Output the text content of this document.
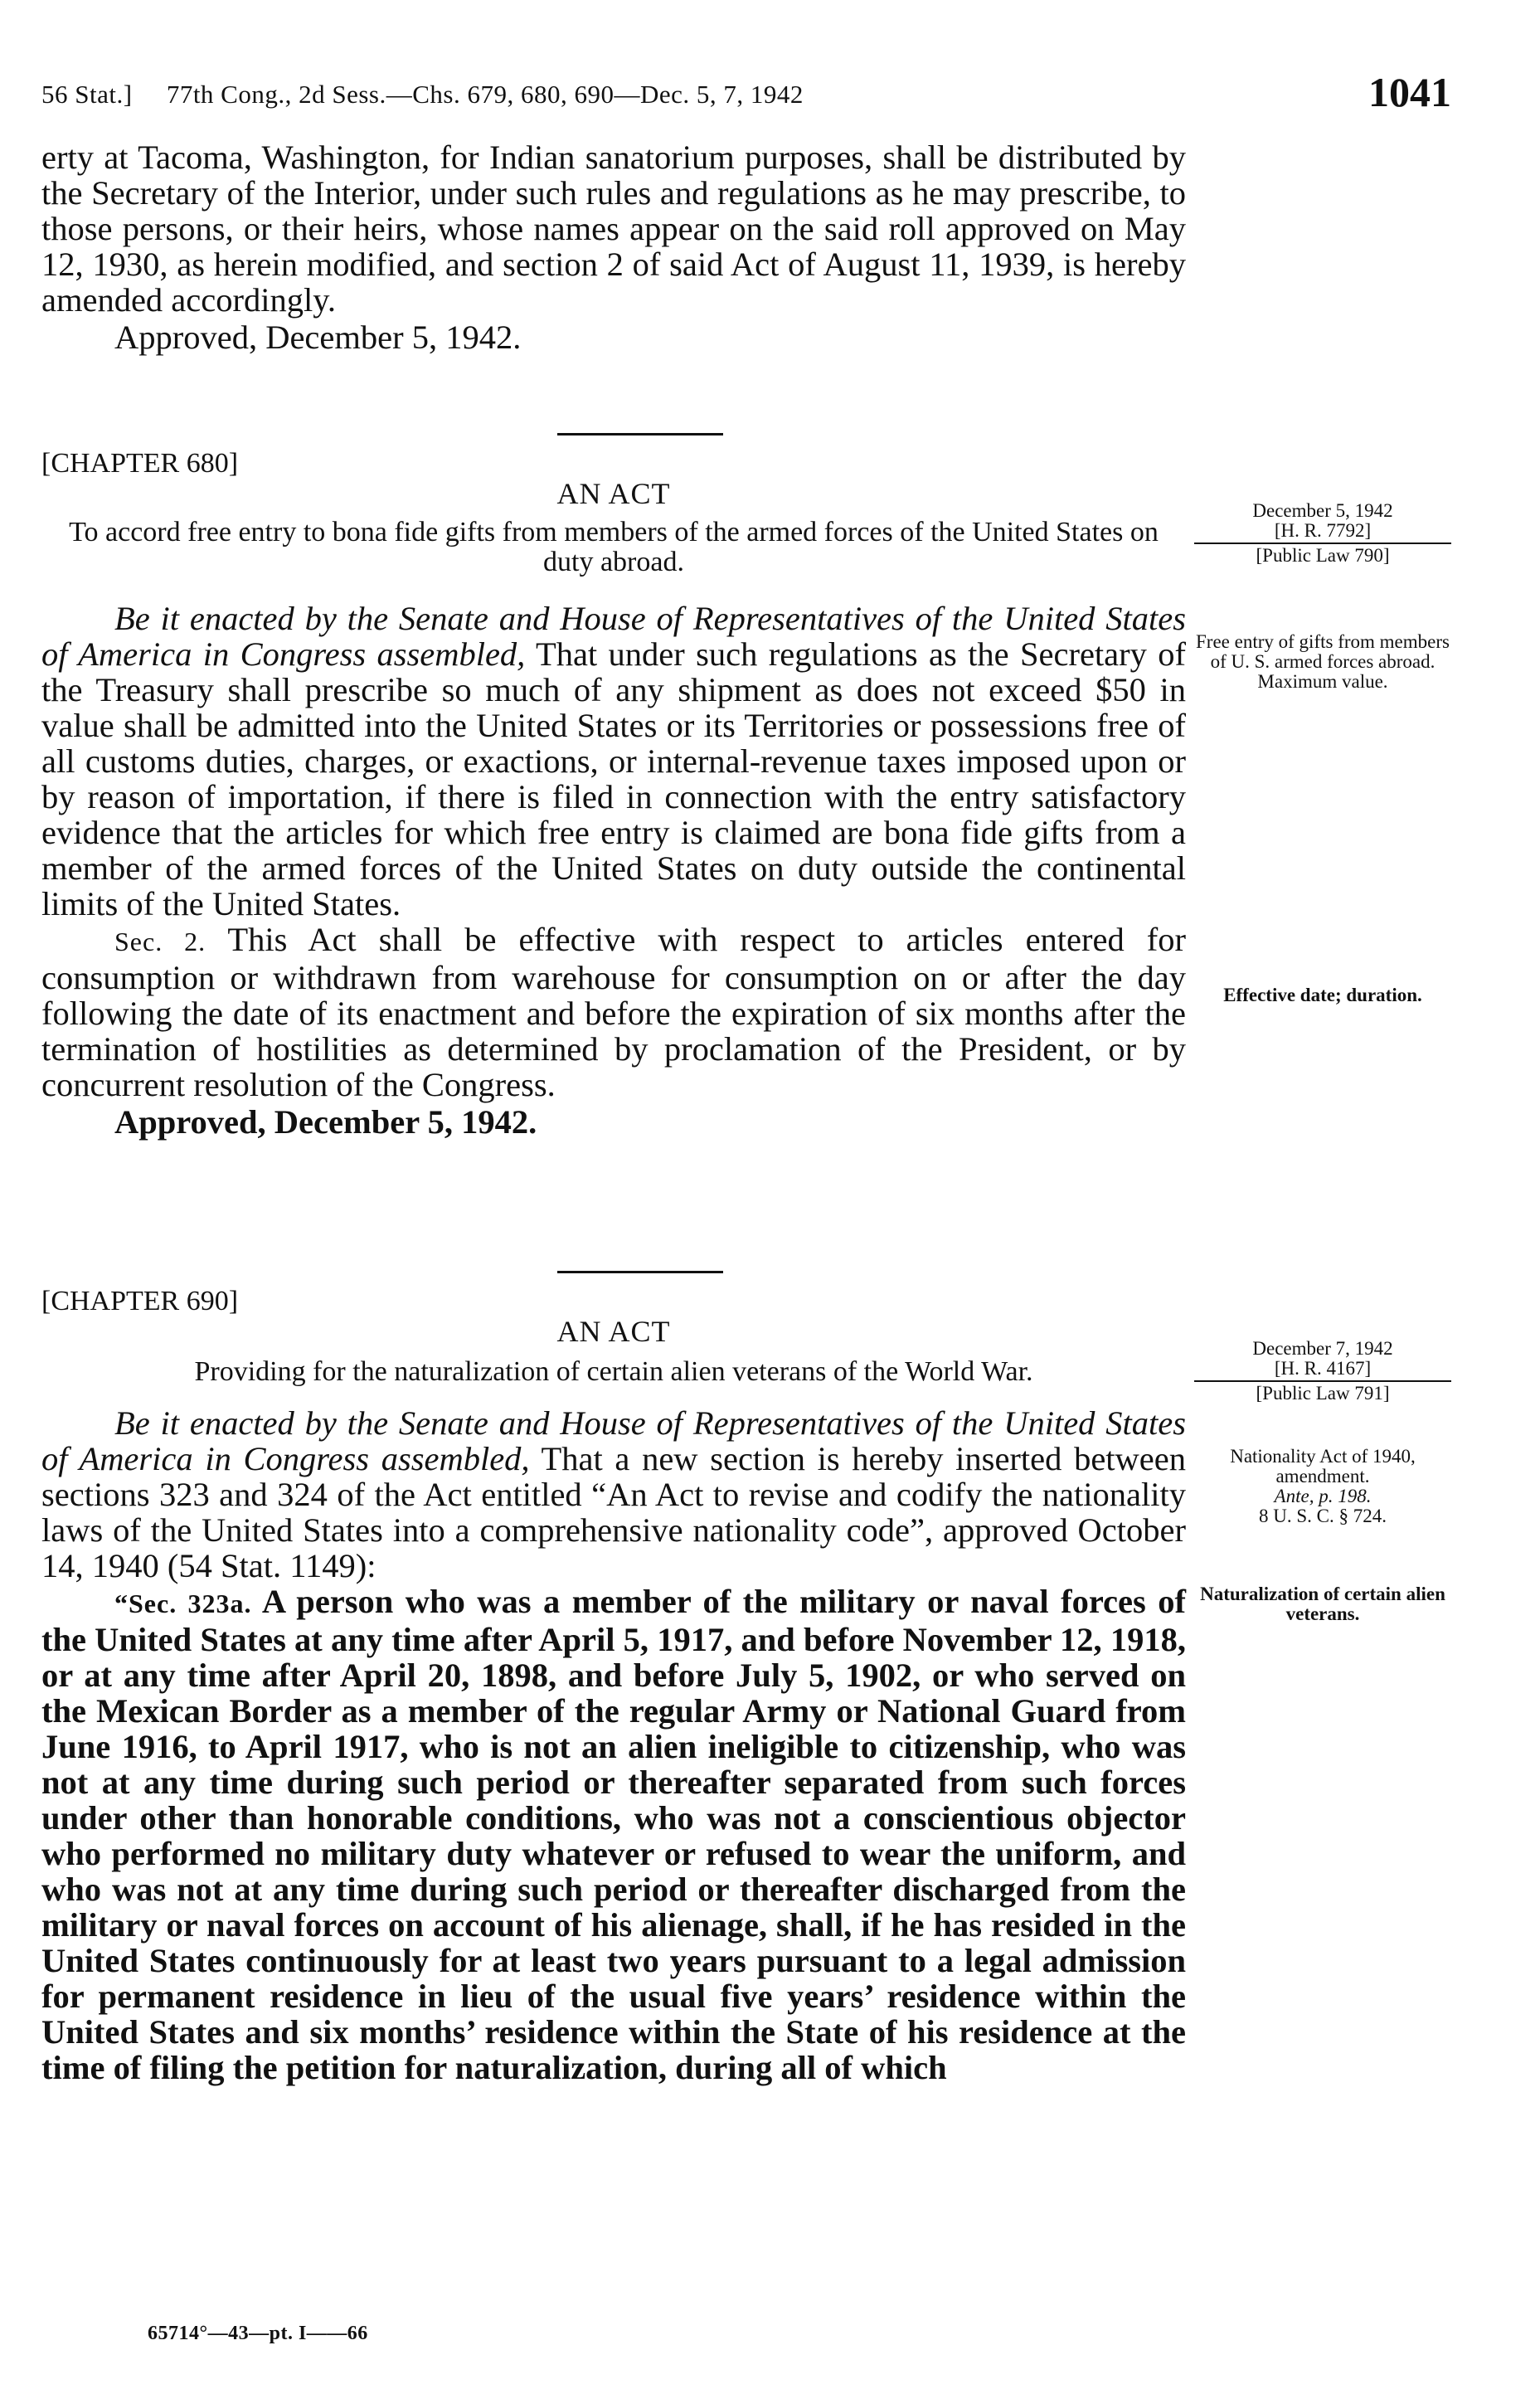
56 Stat.] 77th Cong., 2d Sess.—Chs. 679, 680, 690—Dec. 5, 7, 1942	1041

erty at Tacoma, Washington, for Indian sanatorium purposes, shall be distributed by the Secretary of the Interior, under such rules and regulations as he may prescribe, to those persons, or their heirs, whose names appear on the said roll approved on May 12, 1930, as herein modified, and section 2 of said Act of August 11, 1939, is hereby amended accordingly.

Approved, December 5, 1942.

[CHAPTER 680]
AN ACT
December 5, 1942
[H. R. 7792]
[Public Law 790]
To accord free entry to bona fide gifts from members of the armed forces of the United States on duty abroad.

Be it enacted by the Senate and House of Representatives of the United States of America in Congress assembled, That under such regulations as the Secretary of the Treasury shall prescribe so much of any shipment as does not exceed $50 in value shall be admitted into the United States or its Territories or possessions free of all customs duties, charges, or exactions, or internal-revenue taxes imposed upon or by reason of importation, if there is filed in connection with the entry satisfactory evidence that the articles for which free entry is claimed are bona fide gifts from a member of the armed forces of the United States on duty outside the continental limits of the United States.

Sec. 2. This Act shall be effective with respect to articles entered for consumption or withdrawn from warehouse for consumption on or after the day following the date of its enactment and before the expiration of six months after the termination of hostilities as determined by proclamation of the President, or by concurrent resolution of the Congress.

Approved, December 5, 1942.

Free entry of gifts from members of U. S. armed forces abroad. Maximum value.
Effective date; duration.
[CHAPTER 690]
AN ACT
December 7, 1942
[H. R. 4167]
[Public Law 791]
Providing for the naturalization of certain alien veterans of the World War.

Be it enacted by the Senate and House of Representatives of the United States of America in Congress assembled, That a new section is hereby inserted between sections 323 and 324 of the Act entitled “An Act to revise and codify the nationality laws of the United States into a comprehensive nationality code”, approved October 14, 1940 (54 Stat. 1149):

“Sec. 323a. A person who was a member of the military or naval forces of the United States at any time after April 5, 1917, and before November 12, 1918, or at any time after April 20, 1898, and before July 5, 1902, or who served on the Mexican Border as a member of the regular Army or National Guard from June 1916, to April 1917, who is not an alien ineligible to citizenship, who was not at any time during such period or thereafter separated from such forces under other than honorable conditions, who was not a conscientious objector who performed no military duty whatever or refused to wear the uniform, and who was not at any time during such period or thereafter discharged from the military or naval forces on account of his alienage, shall, if he has resided in the United States continuously for at least two years pursuant to a legal admission for permanent residence in lieu of the usual five years’ residence within the United States and six months’ residence within the State of his residence at the time of filing the petition for naturalization, during all of which

Nationality Act of 1940, amendment.
Ante, p. 198.
8 U. S. C. § 724.
Naturalization of certain alien veterans.
65714°—43—pt. I——66
